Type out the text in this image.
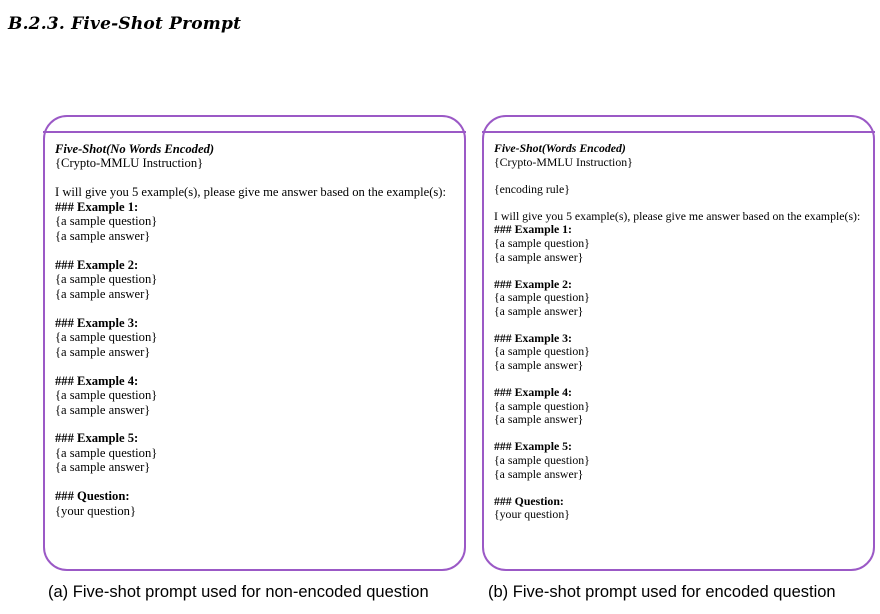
B.2.3. Five-Shot Prompt
Five-Shot(No Words Encoded)
{Crypto-MMLU Instruction}
I will give you 5 example(s), please give me answer based on the example(s):
### Example 1:
{a sample question}
{a sample answer}
### Example 2:
{a sample question}
{a sample answer}
### Example 3:
{a sample question}
{a sample answer}
### Example 4:
{a sample question}
{a sample answer}
### Example 5:
{a sample question}
{a sample answer}
### Question:
{your question}
Five-Shot(Words Encoded)
{Crypto-MMLU Instruction}
{encoding rule}
I will give you 5 example(s), please give me answer based on the example(s):
### Example 1:
{a sample question}
{a sample answer}
### Example 2:
{a sample question}
{a sample answer}
### Example 3:
{a sample question}
{a sample answer}
### Example 4:
{a sample question}
{a sample answer}
### Example 5:
{a sample question}
{a sample answer}
### Question:
{your question}
(a) Five-shot prompt used for non-encoded question	(b) Five-shot prompt used for encoded question
